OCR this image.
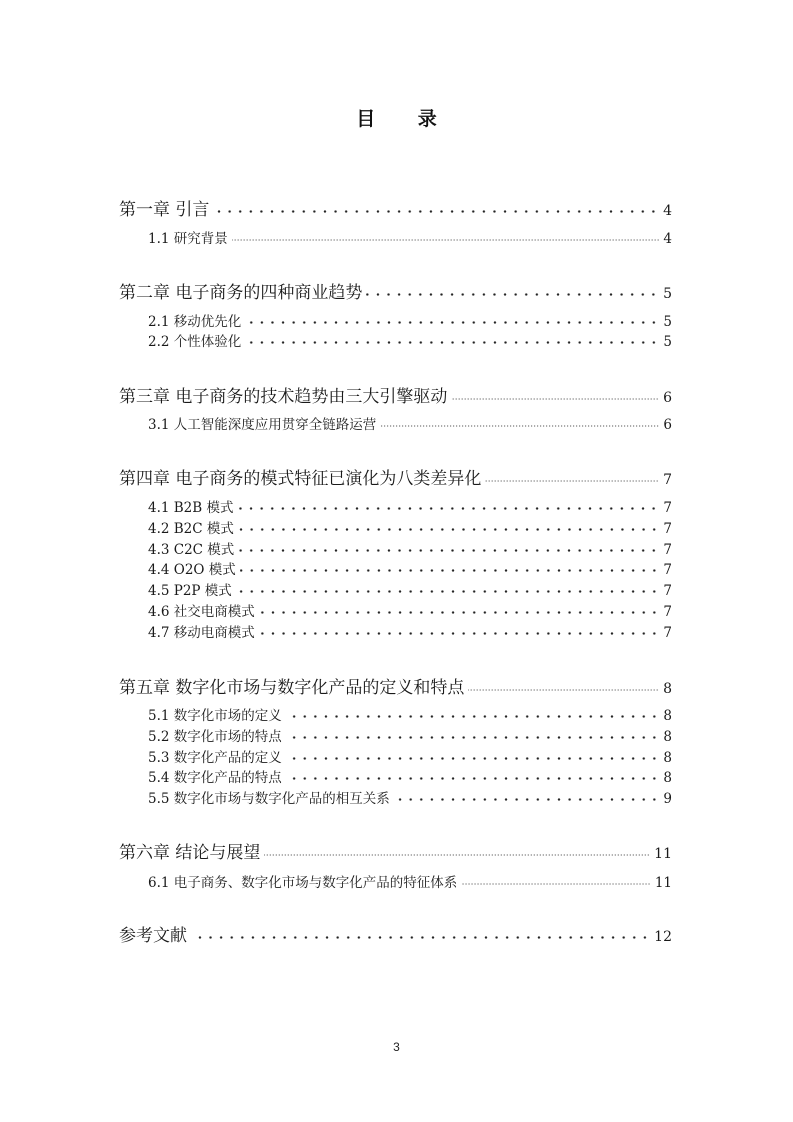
目 录
第一章 引言	4
1.1 研究背景	4
第二章 电子商务的四种商业趋势	5
2.1 移动优先化	5
2.2 个性体验化	5
第三章 电子商务的技术趋势由三大引擎驱动	6
3.1 人工智能深度应用贯穿全链路运营	6
第四章 电子商务的模式特征已演化为八类差异化	7
4.1 B2B 模式	7
4.2 B2C 模式	7
4.3 C2C 模式	7
4.4 O2O 模式	7
4.5 P2P 模式	7
4.6 社交电商模式	7
4.7 移动电商模式	7
第五章 数字化市场与数字化产品的定义和特点	8
5.1 数字化市场的定义	8
5.2 数字化市场的特点	8
5.3 数字化产品的定义	8
5.4 数字化产品的特点	8
5.5 数字化市场与数字化产品的相互关系	9
第六章 结论与展望	11
6.1 电子商务、数字化市场与数字化产品的特征体系	11
参考文献	12
3
